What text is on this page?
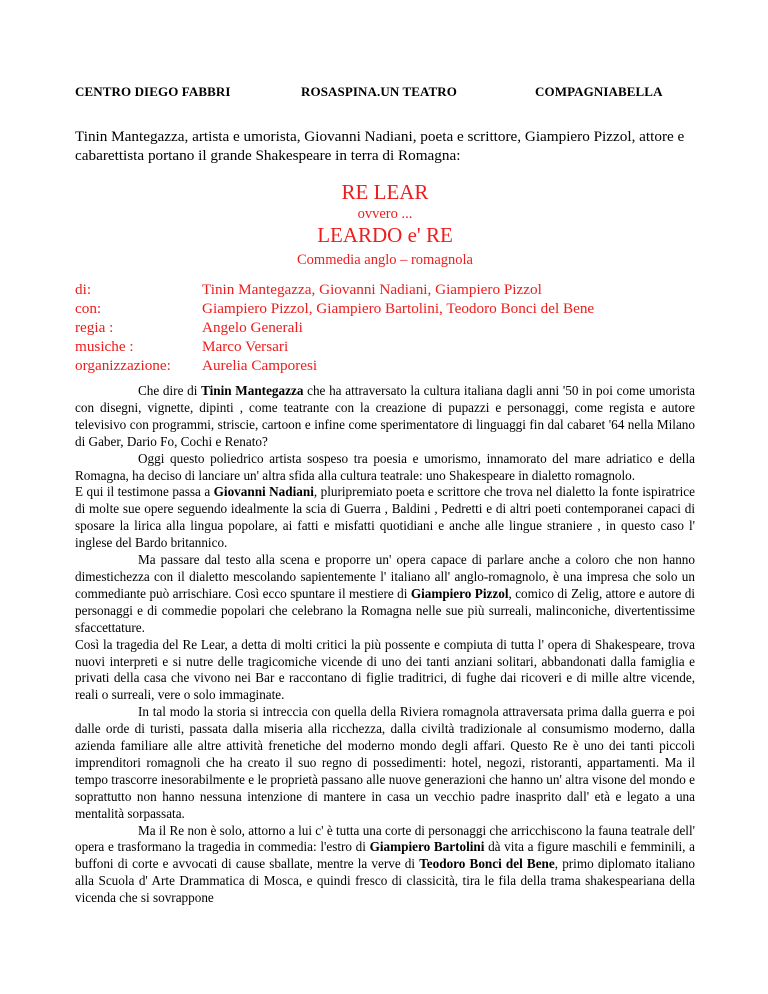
CENTRO DIEGO FABBRI	ROSASPINA.UN TEATRO	COMPAGNIABELLA
Tinin Mantegazza, artista e umorista, Giovanni Nadiani, poeta e scrittore, Giampiero Pizzol, attore e cabarettista portano il grande Shakespeare in terra di Romagna:
RE LEAR
ovvero ...
LEARDO e' RE
Commedia anglo – romagnola
di:	Tinin Mantegazza, Giovanni Nadiani, Giampiero Pizzol
con:	Giampiero Pizzol, Giampiero Bartolini, Teodoro Bonci del Bene
regia :	Angelo Generali
musiche :	Marco Versari
organizzazione: Aurelia Camporesi

Che dire di Tinin Mantegazza che ha attraversato la cultura italiana dagli anni '50 in poi come umorista con disegni, vignette, dipinti , come teatrante con la creazione di pupazzi e personaggi, come regista e autore televisivo con programmi, striscie, cartoon e infine come sperimentatore di linguaggi fin dal cabaret '64 nella Milano di Gaber, Dario Fo, Cochi e Renato?

Oggi questo poliedrico artista sospeso tra poesia e umorismo, innamorato del mare adriatico e della Romagna, ha deciso di lanciare un' altra sfida alla cultura teatrale: uno Shakespeare in dialetto romagnolo.

E qui il testimone passa a Giovanni Nadiani, pluripremiato poeta e scrittore che trova nel dialetto la fonte ispiratrice di molte sue opere seguendo idealmente la scia di Guerra , Baldini , Pedretti e di altri poeti contemporanei capaci di sposare la lirica alla lingua popolare, ai fatti e misfatti quotidiani e anche alle lingue straniere , in questo caso l' inglese del Bardo britannico.

Ma passare dal testo alla scena e proporre un' opera capace di parlare anche a coloro che non hanno dimestichezza con il dialetto mescolando sapientemente l' italiano all' anglo-romagnolo, è una impresa che solo un commediante può arrischiare. Così ecco spuntare il mestiere di Giampiero Pizzol, comico di Zelig, attore e autore di personaggi e di commedie popolari che celebrano la Romagna nelle sue più surreali, malinconiche, divertentissime sfaccettature.

Così la tragedia del Re Lear, a detta di molti critici la più possente e compiuta di tutta l' opera di Shakespeare, trova nuovi interpreti e si nutre delle tragicomiche vicende di uno dei tanti anziani solitari, abbandonati dalla famiglia e privati della casa che vivono nei Bar e raccontano di figlie traditrici, di fughe dai ricoveri e di mille altre vicende, reali o surreali, vere o solo immaginate.

In tal modo la storia si intreccia con quella della Riviera romagnola attraversata prima dalla guerra e poi dalle orde di turisti, passata dalla miseria alla ricchezza, dalla civiltà tradizionale al consumismo moderno, dalla azienda familiare alle altre attività frenetiche del moderno mondo degli affari. Questo Re è uno dei tanti piccoli imprenditori romagnoli che ha creato il suo regno di possedimenti: hotel, negozi, ristoranti, appartamenti. Ma il tempo trascorre inesorabilmente e le proprietà passano alle nuove generazioni che hanno un' altra visone del mondo e soprattutto non hanno nessuna intenzione di mantere in casa un vecchio padre inasprito dall' età e legato a una mentalità sorpassata.

Ma il Re non è solo, attorno a lui c' è tutta una corte di personaggi che arricchiscono la fauna teatrale dell' opera e trasformano la tragedia in commedia: l'estro di Giampiero Bartolini dà vita a figure maschili e femminili, a buffoni di corte e avvocati di cause sballate, mentre la verve di Teodoro Bonci del Bene, primo diplomato italiano alla Scuola d' Arte Drammatica di Mosca, e quindi fresco di classicità, tira le fila della trama shakespeariana della vicenda che si sovrappone
